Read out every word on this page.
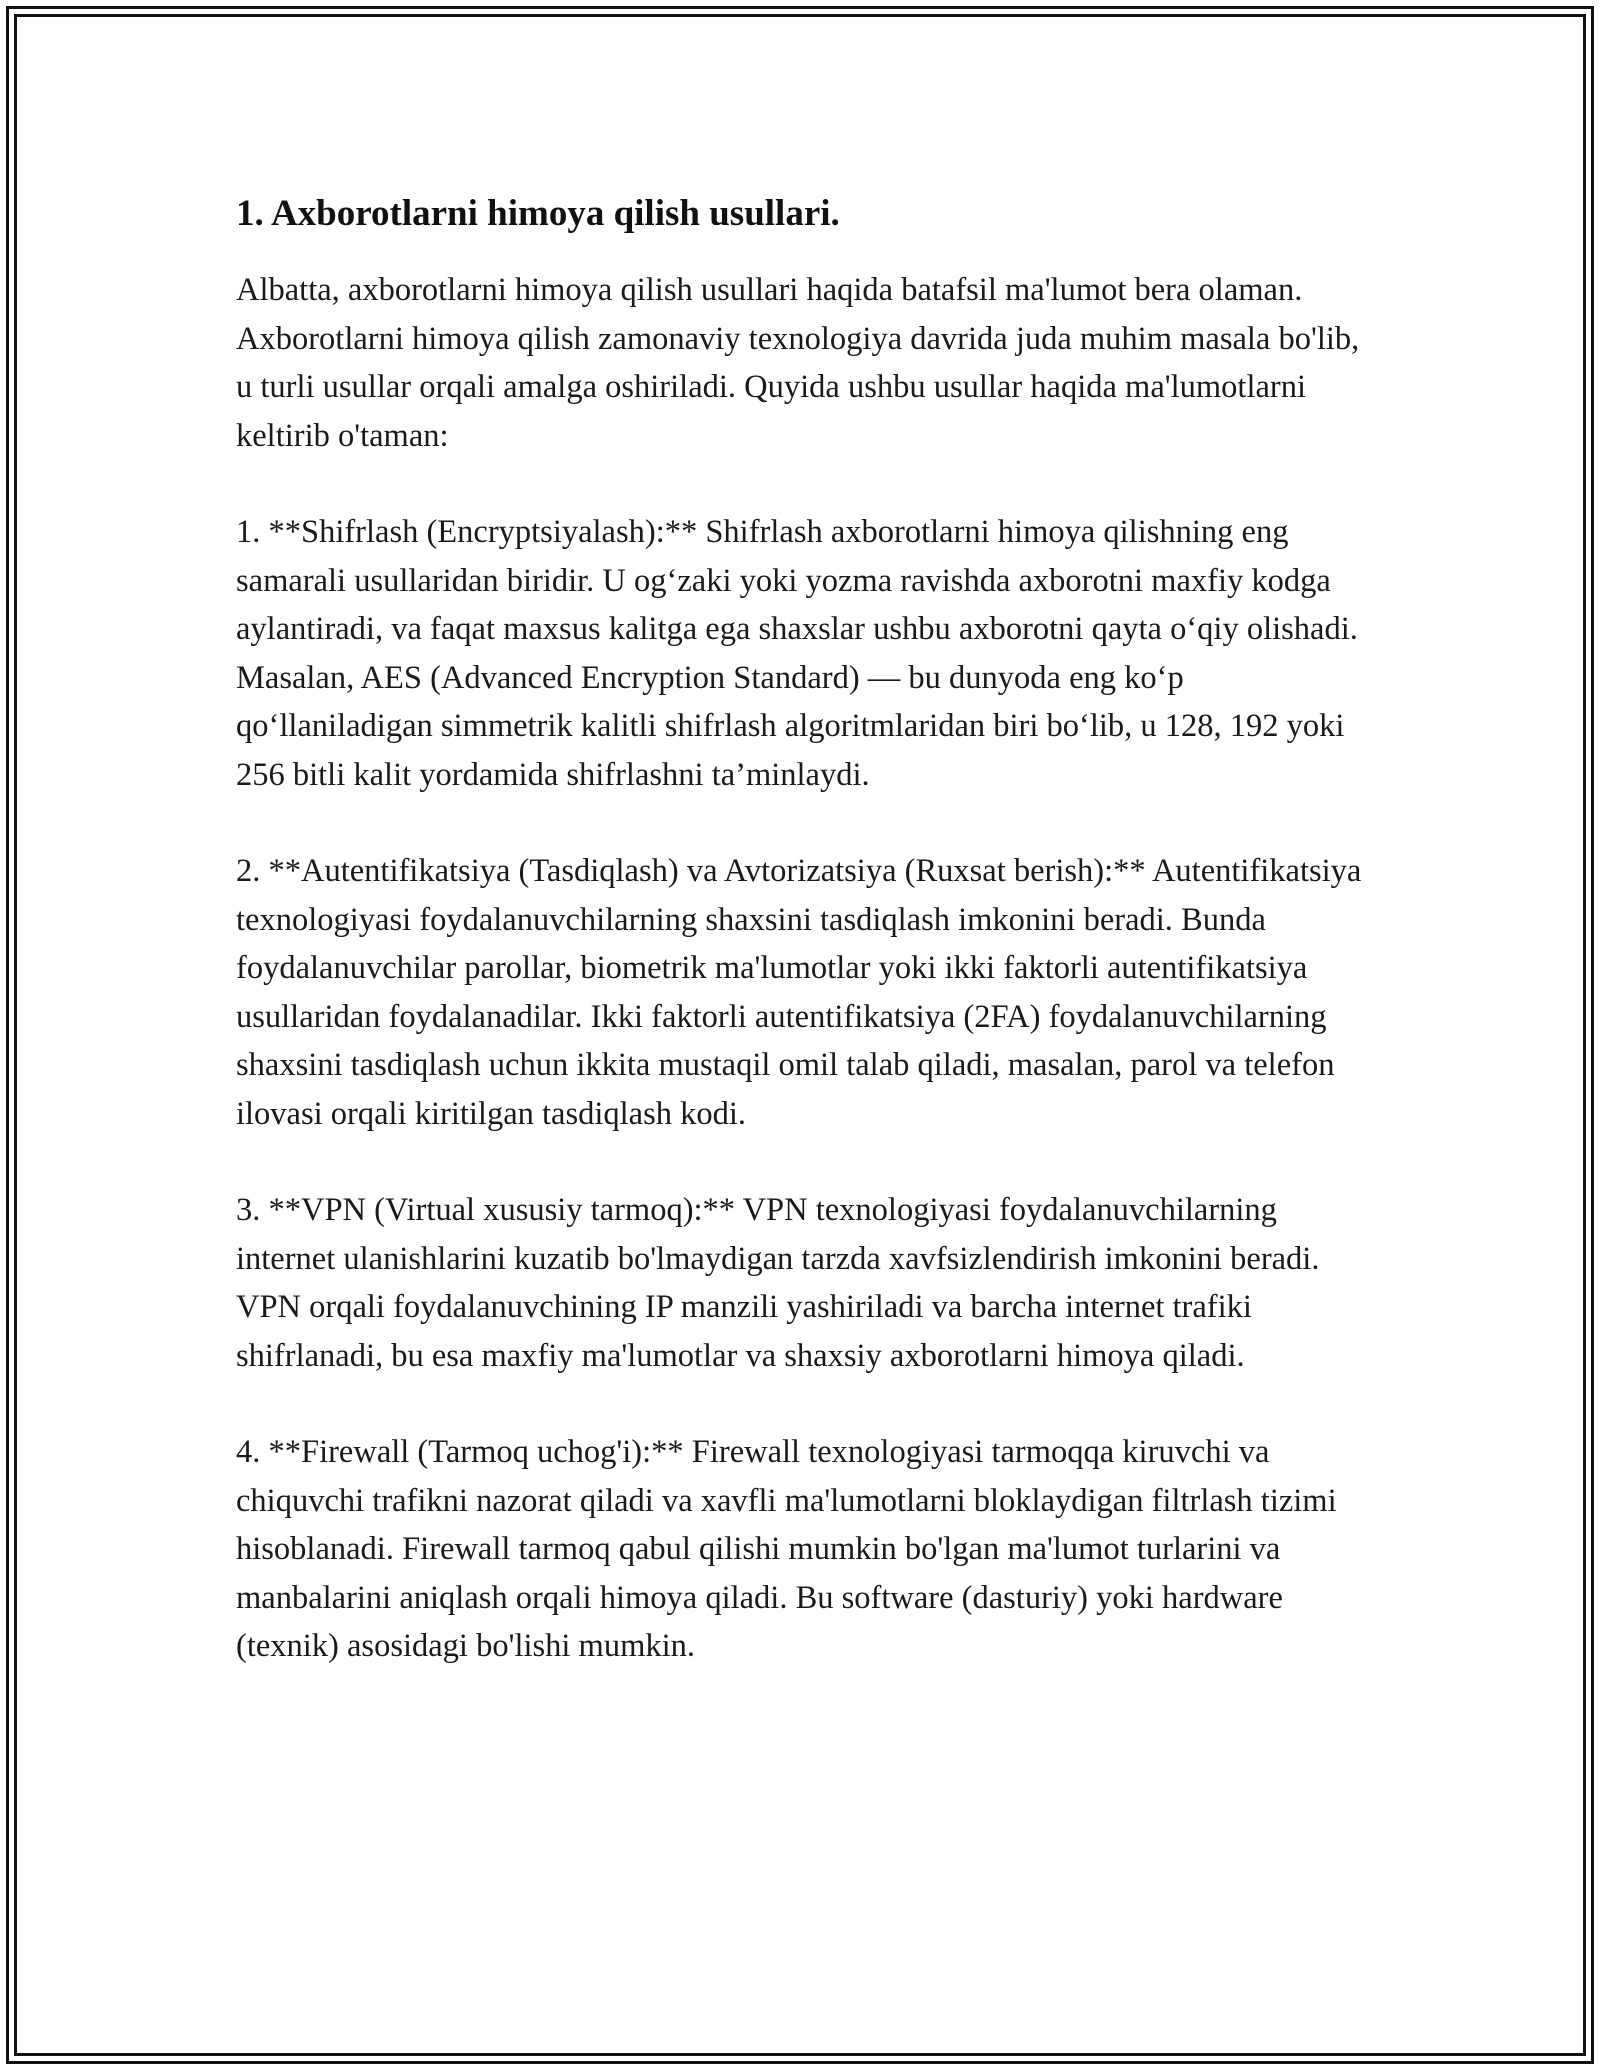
1. Axborotlarni himoya qilish usullari.

Albatta, axborotlarni himoya qilish usullari haqida batafsil ma'lumot bera olaman. Axborotlarni himoya qilish zamonaviy texnologiya davrida juda muhim masala bo'lib, u turli usullar orqali amalga oshiriladi. Quyida ushbu usullar haqida ma'lumotlarni keltirib o'taman:

1. **Shifrlash (Encryptsiyalash):** Shifrlash axborotlarni himoya qilishning eng samarali usullaridan biridir. U og‘zaki yoki yozma ravishda axborotni maxfiy kodga aylantiradi, va faqat maxsus kalitga ega shaxslar ushbu axborotni qayta o‘qiy olishadi. Masalan, AES (Advanced Encryption Standard) — bu dunyoda eng ko‘p qo‘llaniladigan simmetrik kalitli shifrlash algoritmlaridan biri bo‘lib, u 128, 192 yoki 256 bitli kalit yordamida shifrlashni ta’minlaydi.

2. **Autentifikatsiya (Tasdiqlash) va Avtorizatsiya (Ruxsat berish):** Autentifikatsiya texnologiyasi foydalanuvchilarning shaxsini tasdiqlash imkonini beradi. Bunda foydalanuvchilar parollar, biometrik ma'lumotlar yoki ikki faktorli autentifikatsiya usullaridan foydalanadilar. Ikki faktorli autentifikatsiya (2FA) foydalanuvchilarning shaxsini tasdiqlash uchun ikkita mustaqil omil talab qiladi, masalan, parol va telefon ilovasi orqali kiritilgan tasdiqlash kodi.

3. **VPN (Virtual xususiy tarmoq):** VPN texnologiyasi foydalanuvchilarning internet ulanishlarini kuzatib bo'lmaydigan tarzda xavfsizlendirish imkonini beradi. VPN orqali foydalanuvchining IP manzili yashiriladi va barcha internet trafiki shifrlanadi, bu esa maxfiy ma'lumotlar va shaxsiy axborotlarni himoya qiladi.

4. **Firewall (Tarmoq uchog'i):** Firewall texnologiyasi tarmoqqa kiruvchi va chiquvchi trafikni nazorat qiladi va xavfli ma'lumotlarni bloklaydigan filtrlash tizimi hisoblanadi. Firewall tarmoq qabul qilishi mumkin bo'lgan ma'lumot turlarini va manbalarini aniqlash orqali himoya qiladi. Bu software (dasturiy) yoki hardware (texnik) asosidagi bo'lishi mumkin.
